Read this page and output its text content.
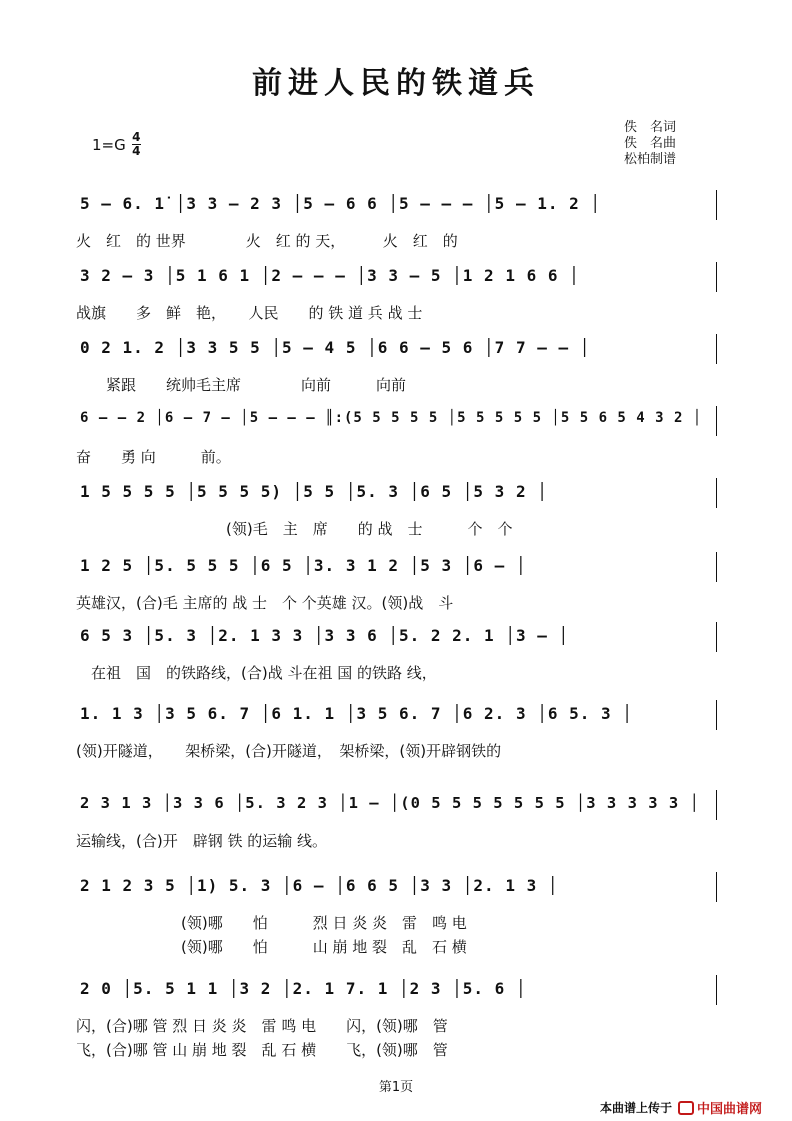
前进人民的铁道兵
$1=G \frac{4}{4}$
佚　名词
佚　名曲
松柏制谱
5 – 6. 1̇ │3 3 – 2 3 │5 – 6 6 │5 – – – │5 – 1. 2 │
火　红　的 世界　　　　火　红 的 天，　　　火　红　的
3 2 – 3 │5 1 6 1 │2 – – – │3 3 – 5 │1 2 1 6 6 │
战旗　　多　鲜　艳，　　人民　　的 铁 道 兵 战 士
0 2 1. 2 │3 3 5 5 │5 – 4 5 │6 6 – 5 6 │7 7 – – │
　　紧跟　　统帅毛主席　　　　向前　　　向前
6 – – 2 │6 – 7 – │5 – – – ║:(5 5 5 5 5 │5 5 5 5 5 │5 5 6 5 4 3 2 │
奋　　勇 向　　　前。
1 5 5 5 5 │5 5 5 5) │5 5 │5. 3 │6 5 │5 3 2 │
　　　　　　　　　　(领)毛　主　席　　的 战　士　　　个　个
1 2 5 │5. 5 5 5 │6 5 │3. 3 1 2 │5 3 │6 – │
英雄汉，(合)毛 主席的 战 士　个 个英雄 汉。(领)战　斗
6 5 3 │5. 3 │2. 1 3 3 │3 3 6 │5. 2 2. 1 │3 – │
　在祖　国　的铁路线，(合)战 斗在祖 国 的铁路 线，
1. 1 3 │3 5 6. 7 │6 1. 1 │3 5 6. 7 │6 2. 3 │6 5. 3 │
(领)开隧道，　　架桥梁，(合)开隧道，　架桥梁，(领)开辟钢铁的
2 3 1 3 │3 3 6 │5. 3 2 3 │1 – │(0 5 5 5 5 5 5 5 │3 3 3 3 3 │
运输线，(合)开　辟钢 铁 的运输 线。
2 1 2 3 5 │1) 5. 3 │6 – │6 6 5 │3 3 │2. 1 3 │
　　　　　　　(领)哪　　怕　　　烈 日 炎 炎　雷　鸣 电
　　　　　　　(领)哪　　怕　　　山 崩 地 裂　乱　石 横
2 0 │5. 5 1 1 │3 2 │2. 1 7. 1 │2 3 │5. 6 │
闪，(合)哪 管 烈 日 炎 炎　雷 鸣 电　　闪，(领)哪　管
飞，(合)哪 管 山 崩 地 裂　乱 石 横　　飞，(领)哪　管
第1页
本曲谱上传于 中国曲谱网
